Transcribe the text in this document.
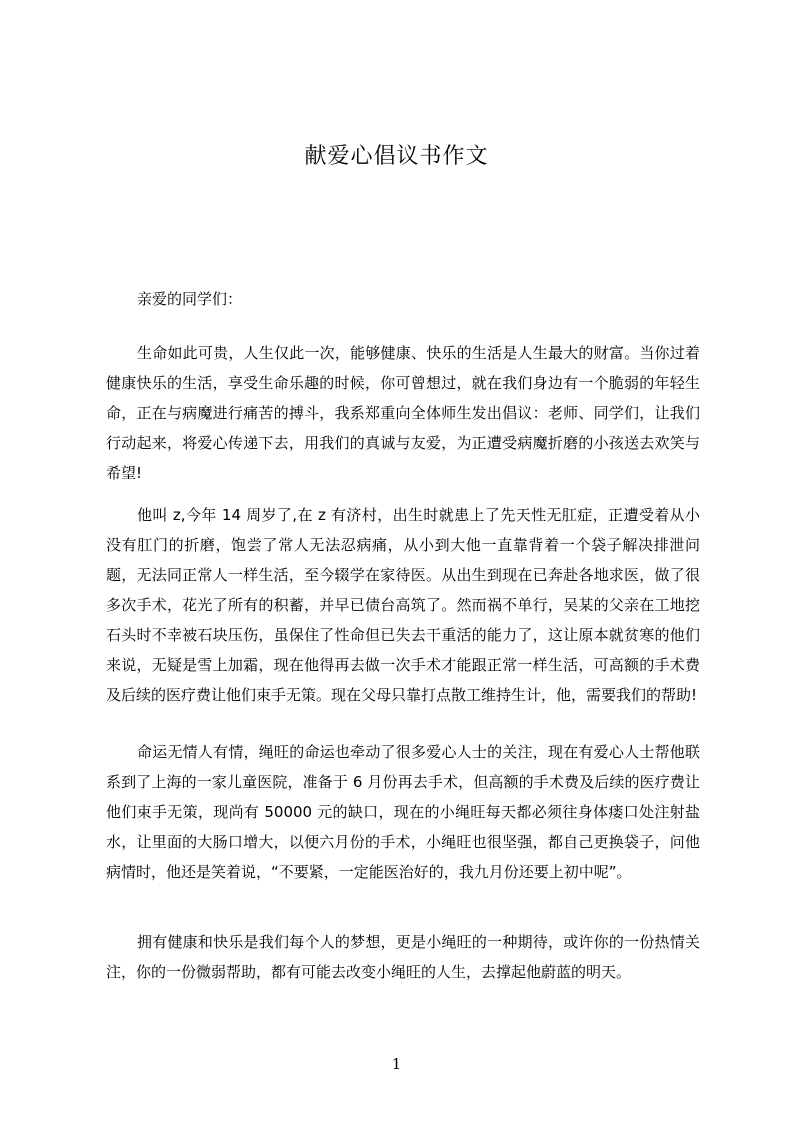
献爱心倡议书作文

亲爱的同学们：

生命如此可贵，人生仅此一次，能够健康、快乐的生活是人生最大的财富。当你过着健康快乐的生活，享受生命乐趣的时候，你可曾想过，就在我们身边有一个脆弱的年轻生命，正在与病魔进行痛苦的搏斗，我系郑重向全体师生发出倡议：老师、同学们，让我们行动起来，将爱心传递下去，用我们的真诚与友爱，为正遭受病魔折磨的小孩送去欢笑与希望!

他叫 z,今年 14 周岁了,在 z 有济村，出生时就患上了先天性无肛症，正遭受着从小没有肛门的折磨，饱尝了常人无法忍病痛，从小到大他一直靠背着一个袋子解决排泄问题，无法同正常人一样生活，至今辍学在家待医。从出生到现在已奔赴各地求医，做了很多次手术，花光了所有的积蓄，并早已债台高筑了。然而祸不单行，吴某的父亲在工地挖石头时不幸被石块压伤，虽保住了性命但已失去干重活的能力了，这让原本就贫寒的他们来说，无疑是雪上加霜，现在他得再去做一次手术才能跟正常一样生活，可高额的手术费及后续的医疗费让他们束手无策。现在父母只靠打点散工维持生计，他，需要我们的帮助!

命运无情人有情，绳旺的命运也牵动了很多爱心人士的关注，现在有爱心人士帮他联系到了上海的一家儿童医院，准备于 6 月份再去手术，但高额的手术费及后续的医疗费让他们束手无策，现尚有 50000 元的缺口，现在的小绳旺每天都必须往身体瘘口处注射盐水，让里面的大肠口增大，以便六月份的手术，小绳旺也很坚强，都自己更换袋子，问他病情时，他还是笑着说，“不要紧，一定能医治好的，我九月份还要上初中呢”。

拥有健康和快乐是我们每个人的梦想，更是小绳旺的一种期待，或许你的一份热情关注，你的一份微弱帮助，都有可能去改变小绳旺的人生，去撑起他蔚蓝的明天。

1
